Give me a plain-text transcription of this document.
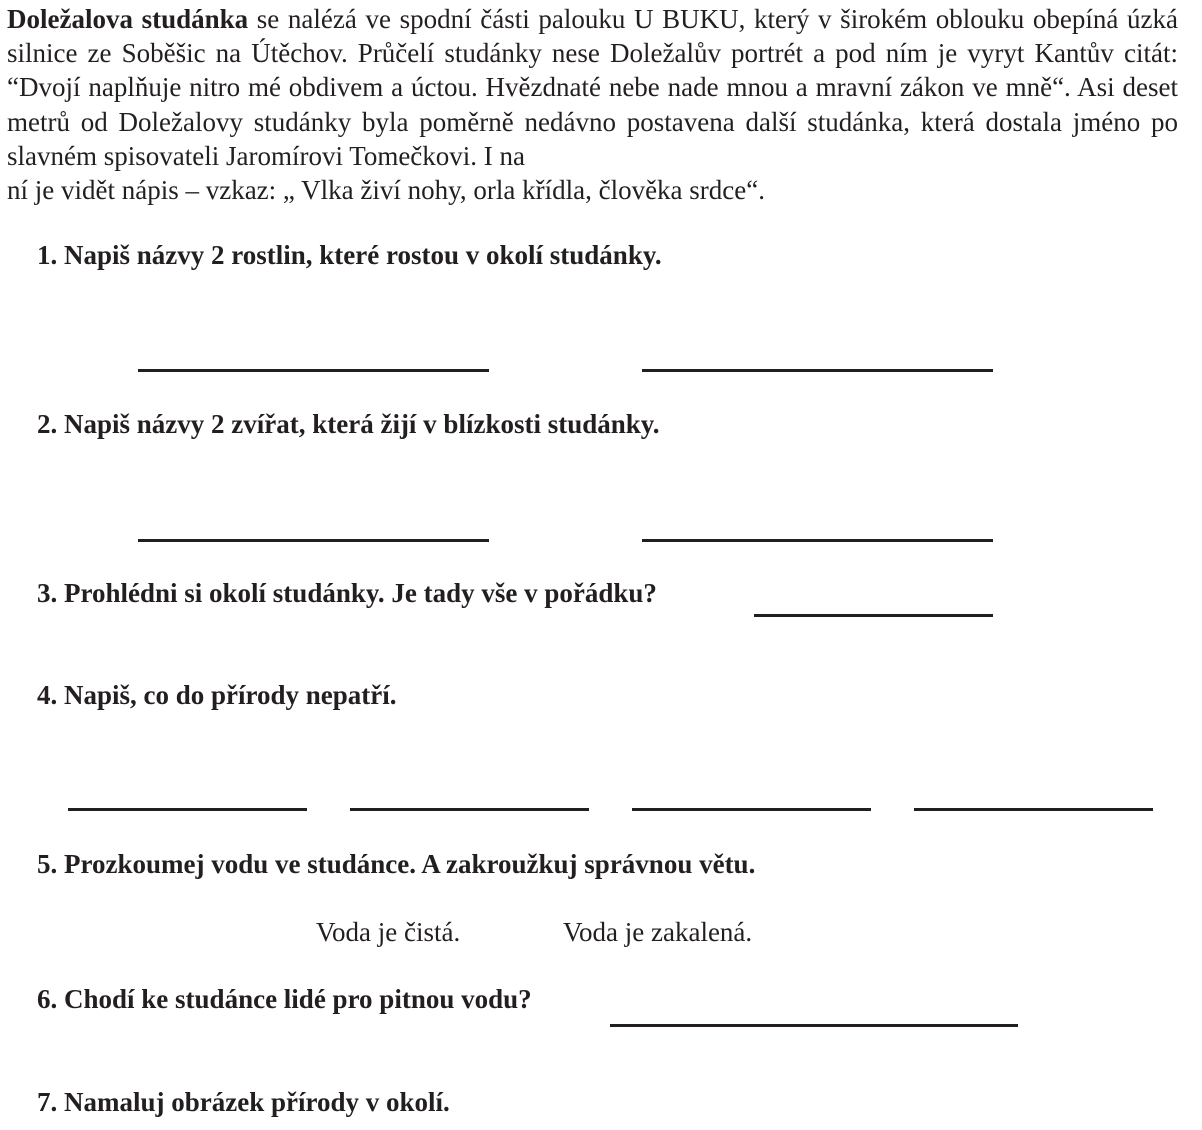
Doležalova studánka se nalézá ve spodní části palouku U BUKU, který v širokém oblouku obepíná úzká silnice ze Soběšic na Útěchov. Průčelí studánky nese Doležalův portrét a pod ním je vyryt Kantův citát: “Dvojí naplňuje nitro mé obdivem a úctou. Hvězdnaté nebe nade mnou a mravní zákon ve mně“. Asi deset metrů od Doležalovy studánky byla poměrně nedávno postavena další studánka, která dostala jméno po slavném spisovateli Jaromírovi Tomečkovi. I na
ní je vidět nápis – vzkaz: „ Vlka živí nohy, orla křídla, člověka srdce“.

1. Napiš názvy 2 rostlin, které rostou v okolí studánky.

2. Napiš názvy 2 zvířat, která žijí v blízkosti studánky.

3. Prohlédni si okolí studánky. Je tady vše v pořádku?

4. Napiš, co do přírody nepatří.

5. Prozkoumej vodu ve studánce. A zakroužkuj správnou větu.

Voda je čistá.	Voda je zakalená.

6. Chodí ke studánce lidé pro pitnou vodu?

7. Namaluj obrázek přírody v okolí.
